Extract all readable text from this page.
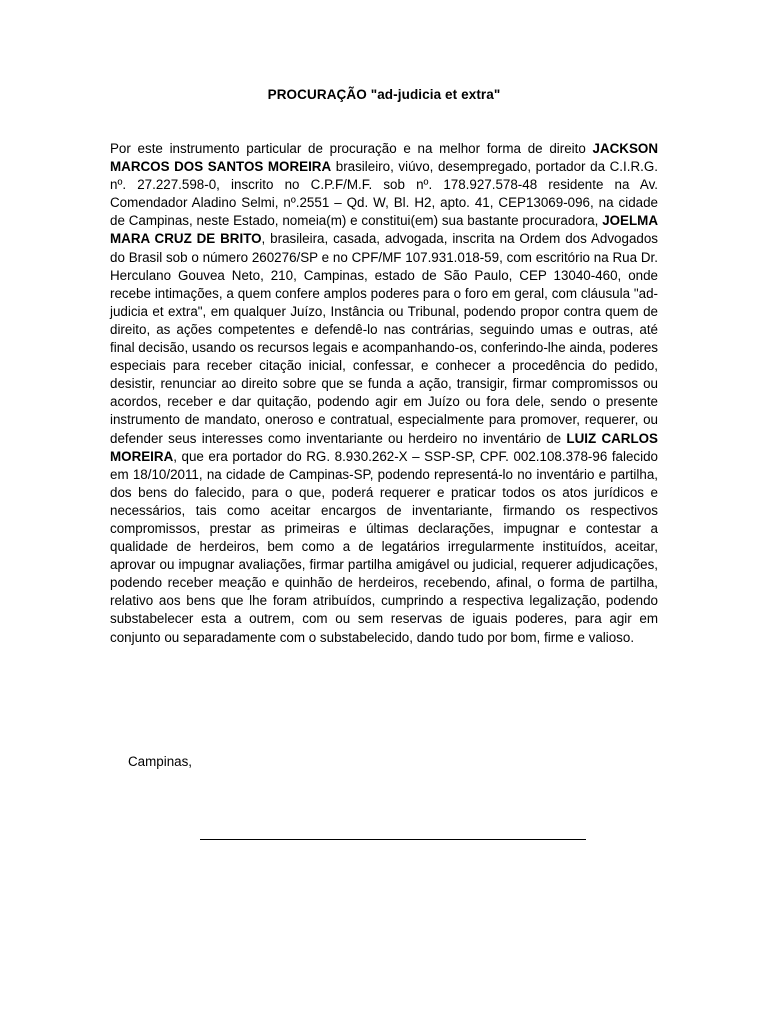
PROCURAÇÃO "ad-judicia et extra"
Por este instrumento particular de procuração e na melhor forma de direito JACKSON MARCOS DOS SANTOS MOREIRA brasileiro, viúvo, desempregado, portador da C.I.R.G. nº. 27.227.598-0, inscrito no C.P.F/M.F. sob nº. 178.927.578-48 residente na Av. Comendador Aladino Selmi, nº.2551 – Qd. W, Bl. H2, apto. 41, CEP13069-096, na cidade de Campinas, neste Estado, nomeia(m) e constitui(em) sua bastante procuradora, JOELMA MARA CRUZ DE BRITO, brasileira, casada, advogada, inscrita na Ordem dos Advogados do Brasil sob o número 260276/SP e no CPF/MF 107.931.018-59, com escritório na Rua Dr. Herculano Gouvea Neto, 210, Campinas, estado de São Paulo, CEP 13040-460, onde recebe intimações, a quem confere amplos poderes para o foro em geral, com cláusula "ad-judicia et extra", em qualquer Juízo, Instância ou Tribunal, podendo propor contra quem de direito, as ações competentes e defendê-lo nas contrárias, seguindo umas e outras, até final decisão, usando os recursos legais e acompanhando-os, conferindo-lhe ainda, poderes especiais para receber citação inicial, confessar, e conhecer a procedência do pedido, desistir, renunciar ao direito sobre que se funda a ação, transigir, firmar compromissos ou acordos, receber e dar quitação, podendo agir em Juízo ou fora dele, sendo o presente instrumento de mandato, oneroso e contratual, especialmente para promover, requerer, ou defender seus interesses como inventariante ou herdeiro no inventário de LUIZ CARLOS MOREIRA, que era portador do RG. 8.930.262-X – SSP-SP, CPF. 002.108.378-96 falecido em 18/10/2011, na cidade de Campinas-SP, podendo representá-lo no inventário e partilha, dos bens do falecido, para o que, poderá requerer e praticar todos os atos jurídicos e necessários, tais como aceitar encargos de inventariante, firmando os respectivos compromissos, prestar as primeiras e últimas declarações, impugnar e contestar a qualidade de herdeiros, bem como a de legatários irregularmente instituídos, aceitar, aprovar ou impugnar avaliações, firmar partilha amigável ou judicial, requerer adjudicações, podendo receber meação e quinhão de herdeiros, recebendo, afinal, o forma de partilha, relativo aos bens que lhe foram atribuídos, cumprindo a respectiva legalização, podendo substabelecer esta a outrem, com ou sem reservas de iguais poderes, para agir em conjunto ou separadamente com o substabelecido, dando tudo por bom, firme e valioso.
Campinas,
